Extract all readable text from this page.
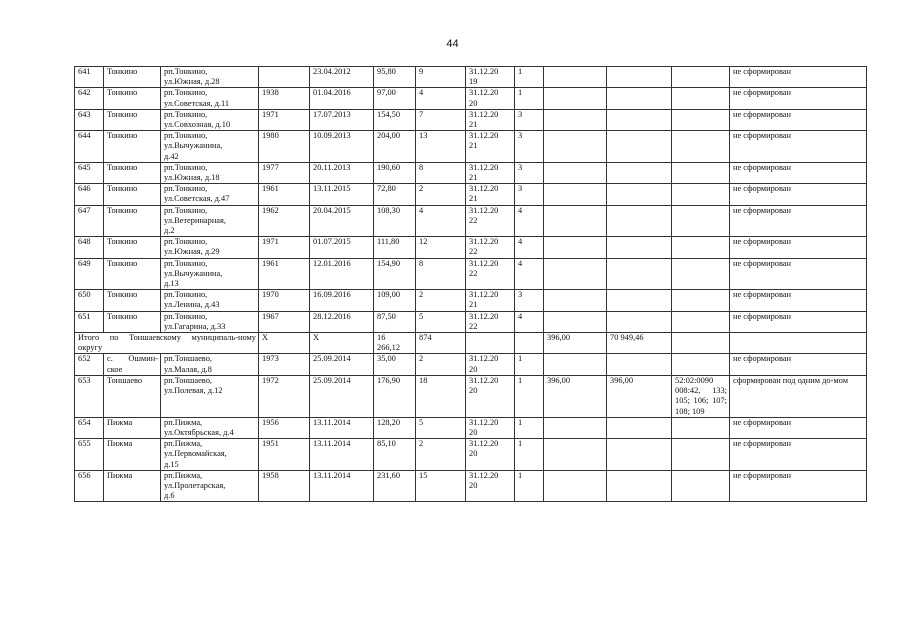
44
641	Тонкино	рп.Тонкино,
ул.Южная, д.28		23.04.2012	95,80	9	31.12.20
19	1				не сформирован
642	Тонкино	рп.Тонкино,
ул.Советская, д.11	1938	01.04.2016	97,00	4	31.12.20
20	1				не сформирован
643	Тонкино	рп.Тонкино,
ул.Совхозная, д.10	1971	17.07.2013	154,50	7	31.12.20
21	3				не сформирован
644	Тонкино	рп.Тонкино,
ул.Вычужанина,
д.42	1980	10.09.2013	204,00	13	31.12.20
21	3				не сформирован
645	Тонкино	рп.Тонкино,
ул.Южная, д.18	1977	20.11.2013	190,60	8	31.12.20
21	3				не сформирован
646	Тонкино	рп.Тонкино,
ул.Советская, д.47	1961	13.11.2015	72,80	2	31.12.20
21	3				не сформирован
647	Тонкино	рп.Тонкино,
ул.Ветеринарная,
д.2	1962	20.04.2015	108,30	4	31.12.20
22	4				не сформирован
648	Тонкино	рп.Тонкино,
ул.Южная, д.29	1971	01.07.2015	111,80	12	31.12.20
22	4				не сформирован
649	Тонкино	рп.Тонкино,
ул.Вычужанина,
д.13	1961	12.01.2016	154,90	8	31.12.20
22	4				не сформирован
650	Тонкино	рп.Тонкино,
ул.Ленина, д.43	1970	16.09.2016	109,00	2	31.12.20
21	3				не сформирован
651	Тонкино	рп.Тонкино,
ул.Гагарина, д.33	1967	28.12.2016	87,50	5	31.12.20
22	4				не сформирован
Итого по Тоншаевскому муниципаль-ному округу			X	X	16
266,12	874			396,00	70 949,46		
652	с. Ошмин-ское	рп.Тоншаево,
ул.Малая, д.8	1973	25.09.2014	35,00	2	31.12.20
20	1				не сформирован
653	Тоншаево	рп.Тоншаево,
ул.Полевая, д.12	1972	25.09.2014	176,90	18	31.12.20
20	1	396,00	396,00	52:02:0090 008:42, 133; 105; 106; 107; 108; 109	сформирован под одним до-мом
654	Пижма	рп.Пижма,
ул.Октябрьская, д.4	1956	13.11.2014	128,20	5	31.12.20
20	1				не сформирован
655	Пижма	рп.Пижма,
ул.Первомайская,
д.15	1951	13.11.2014	85,10	2	31.12.20
20	1				не сформирован
656	Пижма	рп.Пижма,
ул.Пролетарская,
д.6	1958	13.11.2014	231,60	15	31.12.20
20	1				не сформирован
